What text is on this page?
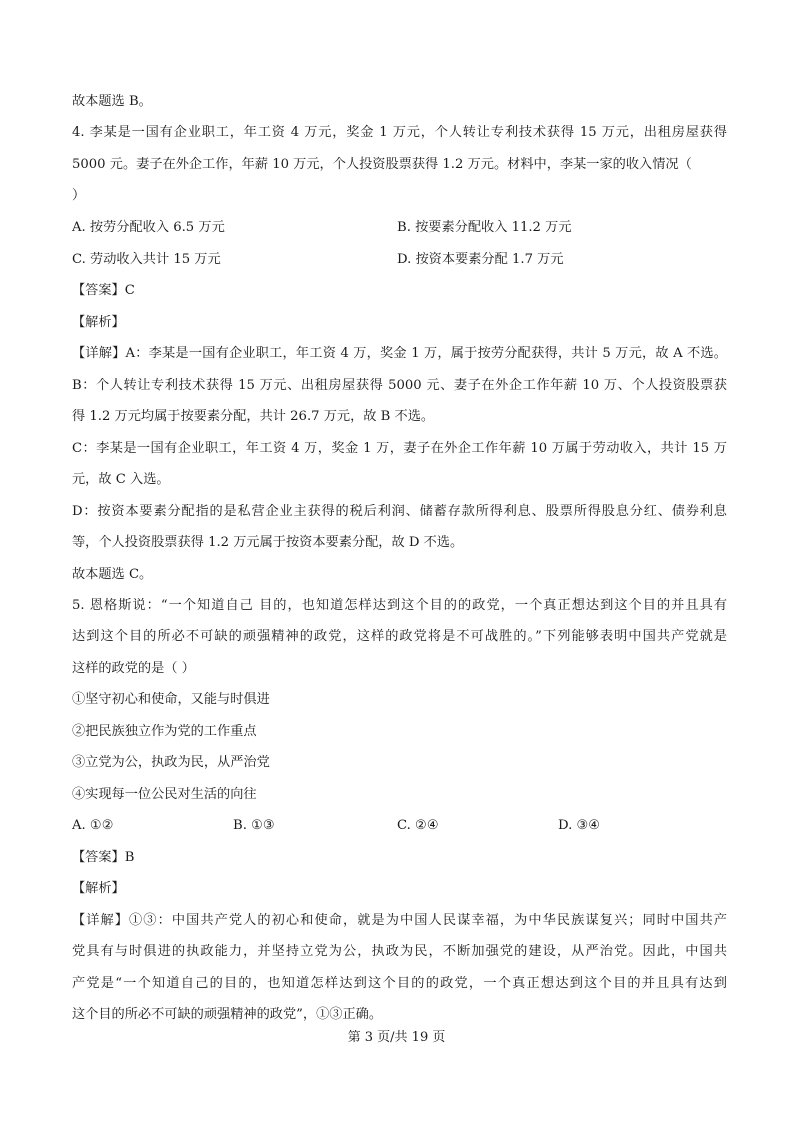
故本题选 B。
4. 李某是一国有企业职工，年工资 4 万元，奖金 1 万元，个人转让专利技术获得 15 万元，出租房屋获得
5000 元。妻子在外企工作，年薪 10 万元，个人投资股票获得 1.2 万元。材料中，李某一家的收入情况（
）
A. 按劳分配收入 6.5 万元	B. 按要素分配收入 11.2 万元
C. 劳动收入共计 15 万元	D. 按资本要素分配 1.7 万元
【答案】C
【解析】
【详解】A：李某是一国有企业职工，年工资 4 万，奖金 1 万，属于按劳分配获得，共计 5 万元，故 A 不选。
B：个人转让专利技术获得 15 万元、出租房屋获得 5000 元、妻子在外企工作年薪 10 万、个人投资股票获
得 1.2 万元均属于按要素分配，共计 26.7 万元，故 B 不选。
C：李某是一国有企业职工，年工资 4 万，奖金 1 万，妻子在外企工作年薪 10 万属于劳动收入，共计 15 万
元，故 C 入选。
D：按资本要素分配指的是私营企业主获得的税后利润、储蓄存款所得利息、股票所得股息分红、债券利息
等，个人投资股票获得 1.2 万元属于按资本要素分配，故 D 不选。
故本题选 C。
5. 恩格斯说：“一个知道自己 目的，也知道怎样达到这个目的的政党，一个真正想达到这个目的并且具有
达到这个目的所必不可缺的顽强精神的政党，这样的政党将是不可战胜的。”下列能够表明中国共产党就是
这样的政党的是（ ）
①坚守初心和使命，又能与时俱进
②把民族独立作为党的工作重点
③立党为公，执政为民，从严治党
④实现每一位公民对生活的向往
A. ①②	B. ①③	C. ②④	D. ③④
【答案】B
【解析】
【详解】①③：中国共产党人的初心和使命，就是为中国人民谋幸福，为中华民族谋复兴；同时中国共产
党具有与时俱进的执政能力，并坚持立党为公，执政为民，不断加强党的建设，从严治党。因此，中国共
产党是“一个知道自己的目的，也知道怎样达到这个目的的政党，一个真正想达到这个目的并且具有达到
这个目的所必不可缺的顽强精神的政党”，①③正确。
第 3 页/共 19 页
